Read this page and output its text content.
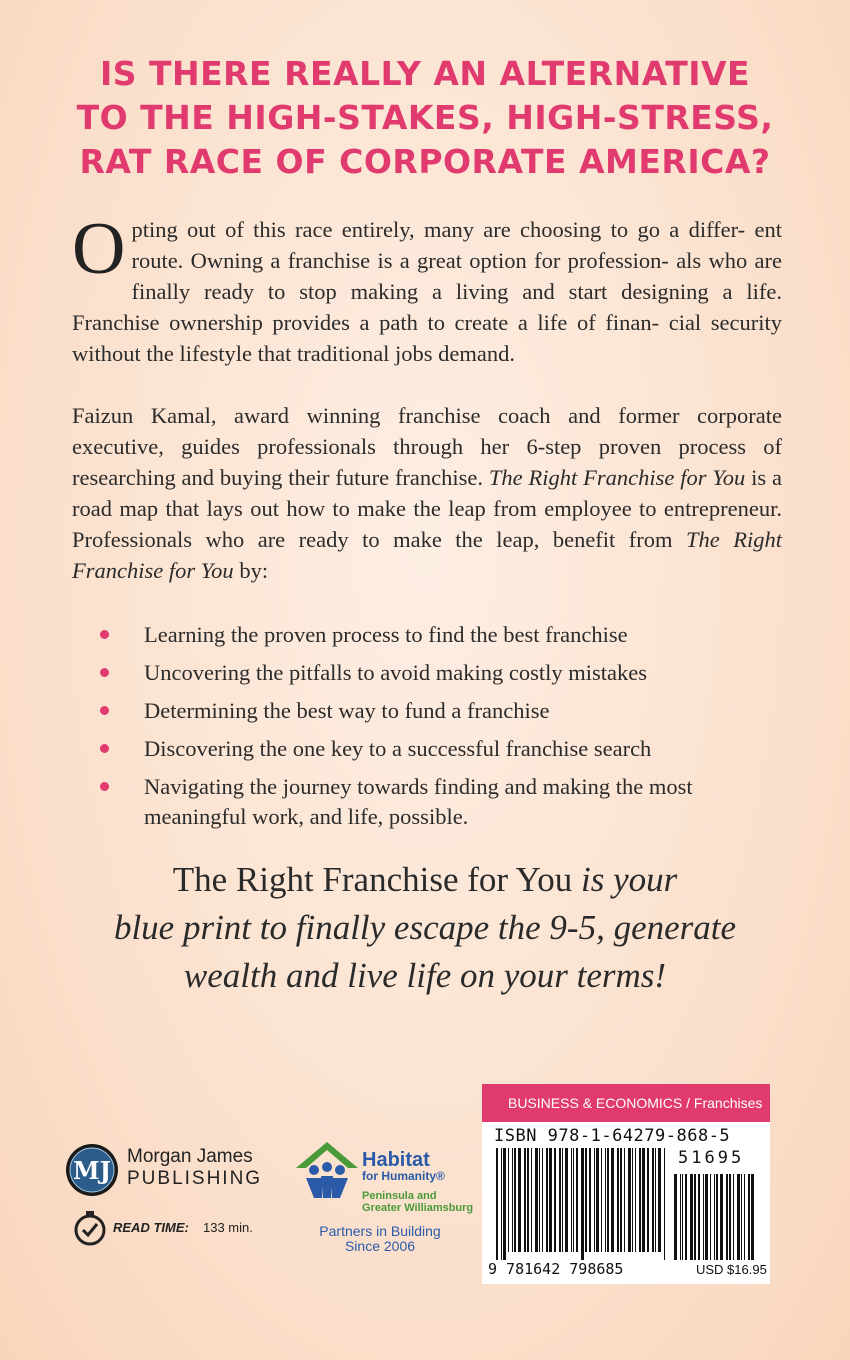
IS THERE REALLY AN ALTERNATIVE
TO THE HIGH-STAKES, HIGH-STRESS,
RAT RACE OF CORPORATE AMERICA?
O pting out of this race entirely, many are choosing to go a differ- ent route. Owning a franchise is a great option for profession- als who are finally ready to stop making a living and start designing a life. Franchise ownership provides a path to create a life of finan- cial security without the lifestyle that traditional jobs demand.
Faizun Kamal, award winning franchise coach and former corporate executive, guides professionals through her 6-step proven process of researching and buying their future franchise. The Right Franchise for You is a road map that lays out how to make the leap from employee to entrepreneur. Professionals who are ready to make the leap, benefit from The Right Franchise for You by:
Learning the proven process to find the best franchise
Uncovering the pitfalls to avoid making costly mistakes
Determining the best way to fund a franchise
Discovering the one key to a successful franchise search
Navigating the journey towards finding and making the most meaningful work, and life, possible.
The Right Franchise for You is your
blue print to finally escape the 9-5, generate
wealth and live life on your terms!
MJ Morgan James
PUBLISHING
READ TIME: 133 min.
Habitat
for Humanity®
Peninsula and
Greater Williamsburg
Partners in Building
Since 2006
BUSINESS & ECONOMICS / Franchises
ISBN 978-1-64279-868-5
51695
9 781642 798685	USD $16.95
